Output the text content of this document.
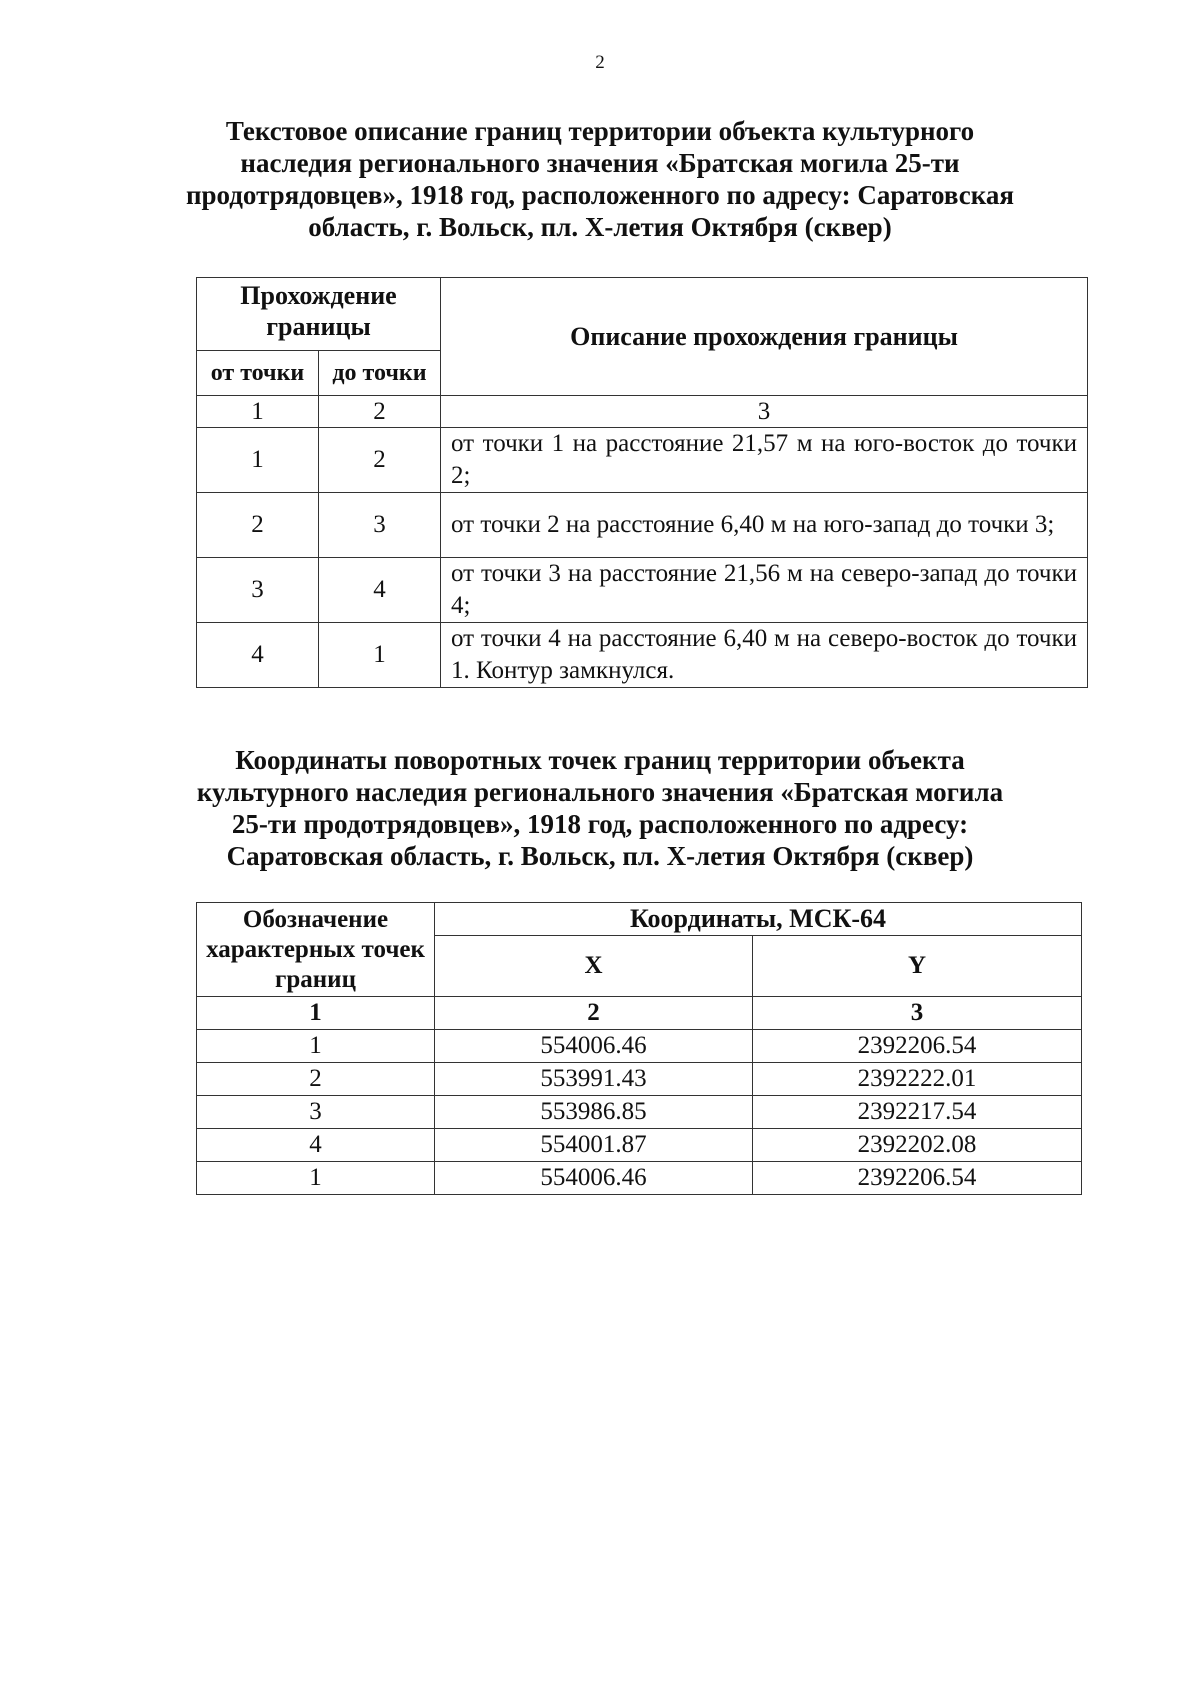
2
Текстовое описание границ территории объекта культурного наследия регионального значения «Братская могила 25-ти продотрядовцев», 1918 год, расположенного по адресу: Саратовская область, г. Вольск, пл. Х-летия Октября (сквер)
Прохождение границы		Описание прохождения границы
от точки	до точки	
1	2	3
1	2	от точки 1 на расстояние 21,57 м на юго-восток до точки 2;
2	3	от точки 2 на расстояние 6,40 м на юго-запад до точки 3;
3	4	от точки 3 на расстояние 21,56 м на северо-запад до точки 4;
4	1	от точки 4 на расстояние 6,40 м на северо-восток до точки 1. Контур замкнулся.
Координаты поворотных точек границ территории объекта культурного наследия регионального значения «Братская могила 25-ти продотрядовцев», 1918 год, расположенного по адресу: Саратовская область, г. Вольск, пл. Х-летия Октября (сквер)
Обозначение характерных точек границ	Координаты, МСК-64	
	X	Y
1	2	3
1	554006.46	2392206.54
2	553991.43	2392222.01
3	553986.85	2392217.54
4	554001.87	2392202.08
1	554006.46	2392206.54
